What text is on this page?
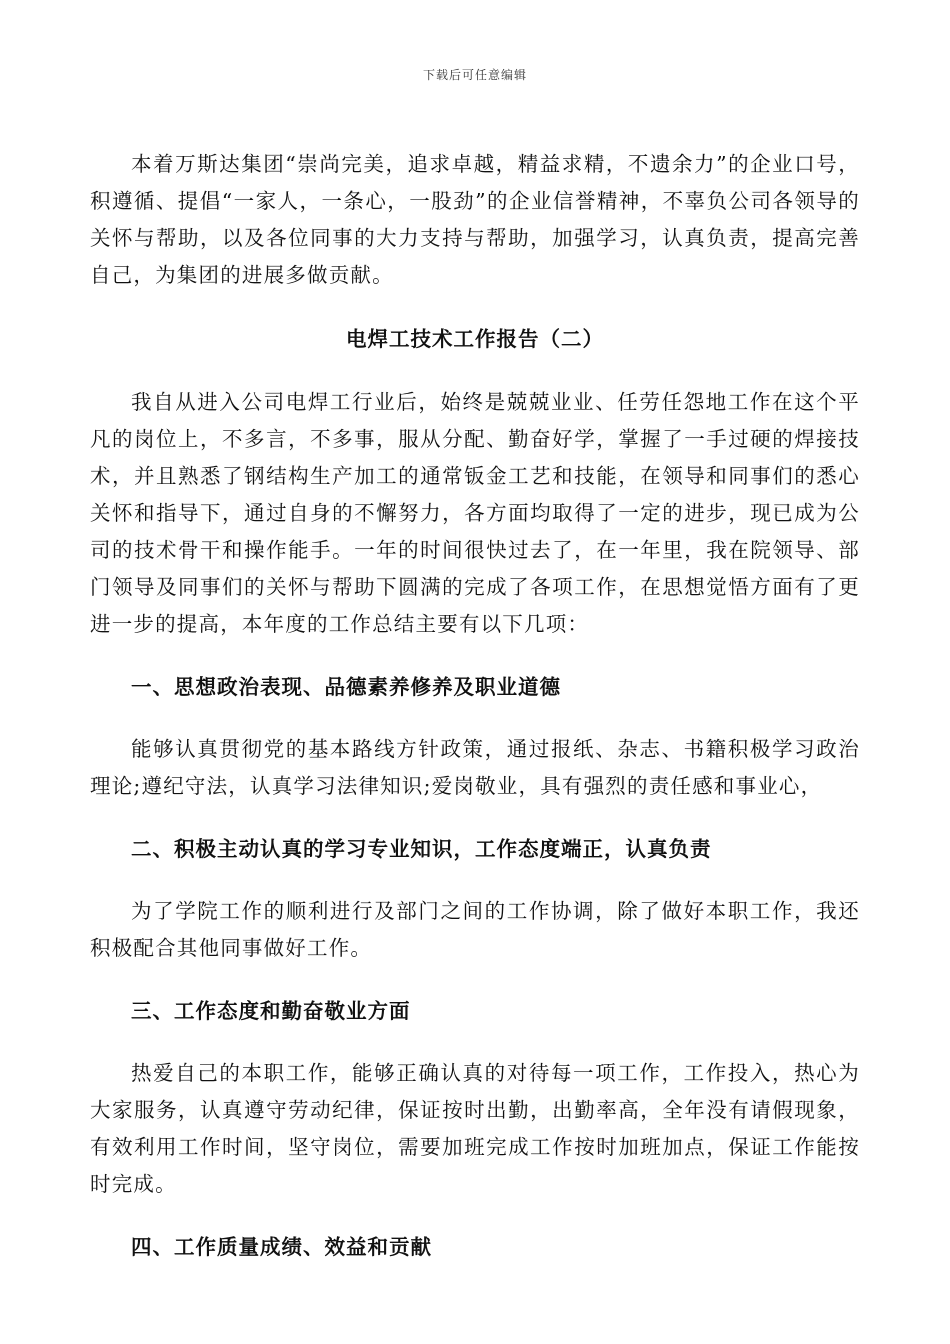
下载后可任意编辑

本着万斯达集团“崇尚完美，追求卓越，精益求精，不遗余力”的企业口号，积遵循、提倡“一家人，一条心，一股劲”的企业信誉精神，不辜负公司各领导的关怀与帮助，以及各位同事的大力支持与帮助，加强学习，认真负责，提高完善自己，为集团的进展多做贡献。

电焊工技术工作报告（二）

我自从进入公司电焊工行业后，始终是兢兢业业、任劳任怨地工作在这个平凡的岗位上，不多言，不多事，服从分配、勤奋好学，掌握了一手过硬的焊接技术，并且熟悉了钢结构生产加工的通常钣金工艺和技能，在领导和同事们的悉心关怀和指导下，通过自身的不懈努力，各方面均取得了一定的进步，现已成为公司的技术骨干和操作能手。一年的时间很快过去了，在一年里，我在院领导、部门领导及同事们的关怀与帮助下圆满的完成了各项工作，在思想觉悟方面有了更进一步的提高，本年度的工作总结主要有以下几项：

一、思想政治表现、品德素养修养及职业道德

能够认真贯彻党的基本路线方针政策，通过报纸、杂志、书籍积极学习政治理论;遵纪守法，认真学习法律知识;爱岗敬业，具有强烈的责任感和事业心，

二、积极主动认真的学习专业知识，工作态度端正，认真负责

为了学院工作的顺利进行及部门之间的工作协调，除了做好本职工作，我还积极配合其他同事做好工作。

三、工作态度和勤奋敬业方面

热爱自己的本职工作，能够正确认真的对待每一项工作，工作投入，热心为大家服务，认真遵守劳动纪律，保证按时出勤，出勤率高，全年没有请假现象，有效利用工作时间，坚守岗位，需要加班完成工作按时加班加点，保证工作能按时完成。

四、工作质量成绩、效益和贡献
